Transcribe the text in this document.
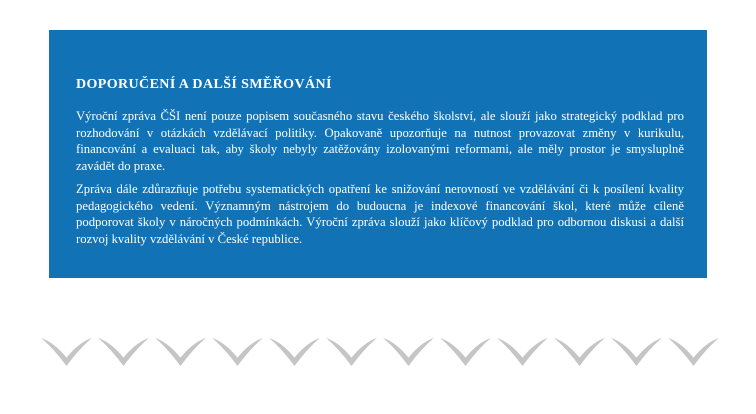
DOPORUČENÍ A DALŠÍ SMĚŘOVÁNÍ

Výroční zpráva ČŠI není pouze popisem současného stavu českého školství, ale slouží jako strategický podklad pro rozhodování v otázkách vzdělávací politiky. Opakovaně upozorňuje na nutnost provazovat změny v kurikulu, financování a evaluaci tak, aby školy nebyly zatěžovány izolovanými reformami, ale měly prostor je smysluplně zavádět do praxe.

Zpráva dále zdůrazňuje potřebu systematických opatření ke snižování nerovností ve vzdělávání či k posílení kvality pedagogického vedení. Významným nástrojem do budoucna je indexové financování škol, které může cíleně podporovat školy v náročných podmínkách. Výroční zpráva slouží jako klíčový podklad pro odbornou diskusi a další rozvoj kvality vzdělávání v České republice.
